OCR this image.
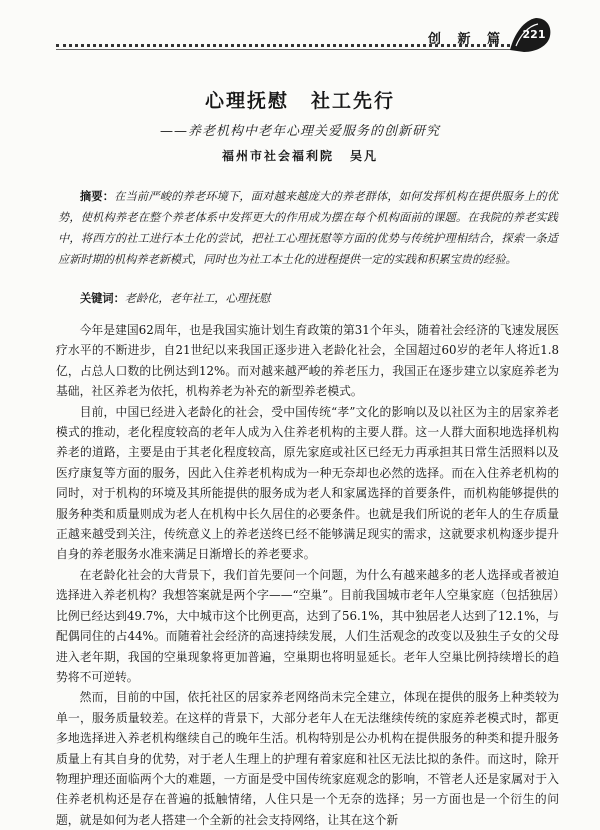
创 新 篇	221
心理抚慰 社工先行
——养老机构中老年心理关爱服务的创新研究
福州市社会福利院 吴凡
摘要：在当前严峻的养老环境下，面对越来越庞大的养老群体，如何发挥机构在提供服务上的优势，使机构养老在整个养老体系中发挥更大的作用成为摆在每个机构面前的课题。在我院的养老实践中，将西方的社工进行本土化的尝试，把社工心理抚慰等方面的优势与传统护理相结合，探索一条适应新时期的机构养老新模式，同时也为社工本土化的进程提供一定的实践和积累宝贵的经验。
关键词：老龄化，老年社工，心理抚慰

今年是建国62周年，也是我国实施计划生育政策的第31个年头，随着社会经济的飞速发展医疗水平的不断进步，自21世纪以来我国正逐步进入老龄化社会，全国超过60岁的老年人将近1.8亿，占总人口数的比例达到12%。而对越来越严峻的养老压力，我国正在逐步建立以家庭养老为基础，社区养老为依托，机构养老为补充的新型养老模式。

目前，中国已经进入老龄化的社会，受中国传统“孝”文化的影响以及以社区为主的居家养老模式的推动，老化程度较高的老年人成为入住养老机构的主要人群。这一人群大面积地选择机构养老的道路，主要是由于其老化程度较高，原先家庭或社区已经无力再承担其日常生活照料以及医疗康复等方面的服务，因此入住养老机构成为一种无奈却也必然的选择。而在入住养老机构的同时，对于机构的环境及其所能提供的服务成为老人和家属选择的首要条件，而机构能够提供的服务种类和质量则成为老人在机构中长久居住的必要条件。也就是我们所说的老年人的生存质量正越来越受到关注，传统意义上的养老送终已经不能够满足现实的需求，这就要求机构逐步提升自身的养老服务水准来满足日渐增长的养老要求。

在老龄化社会的大背景下，我们首先要问一个问题，为什么有越来越多的老人选择或者被迫选择进入养老机构？我想答案就是两个字——“空巢”。目前我国城市老年人空巢家庭（包括独居）比例已经达到49.7%，大中城市这个比例更高，达到了56.1%，其中独居老人达到了12.1%，与配偶同住的占44%。而随着社会经济的高速持续发展，人们生活观念的改变以及独生子女的父母进入老年期，我国的空巢现象将更加普遍，空巢期也将明显延长。老年人空巢比例持续增长的趋势将不可逆转。

然而，目前的中国，依托社区的居家养老网络尚未完全建立，体现在提供的服务上种类较为单一，服务质量较差。在这样的背景下，大部分老年人在无法继续传统的家庭养老模式时，都更多地选择进入养老机构继续自己的晚年生活。机构特别是公办机构在提供服务的种类和提升服务质量上有其自身的优势，对于老人生理上的护理有着家庭和社区无法比拟的条件。而这时，除开物理护理还面临两个大的难题，一方面是受中国传统家庭观念的影响，不管老人还是家属对于入住养老机构还是存在普遍的抵触情绪，人住只是一个无奈的选择；另一方面也是一个衍生的问题，就是如何为老人搭建一个全新的社会支持网络，让其在这个新
